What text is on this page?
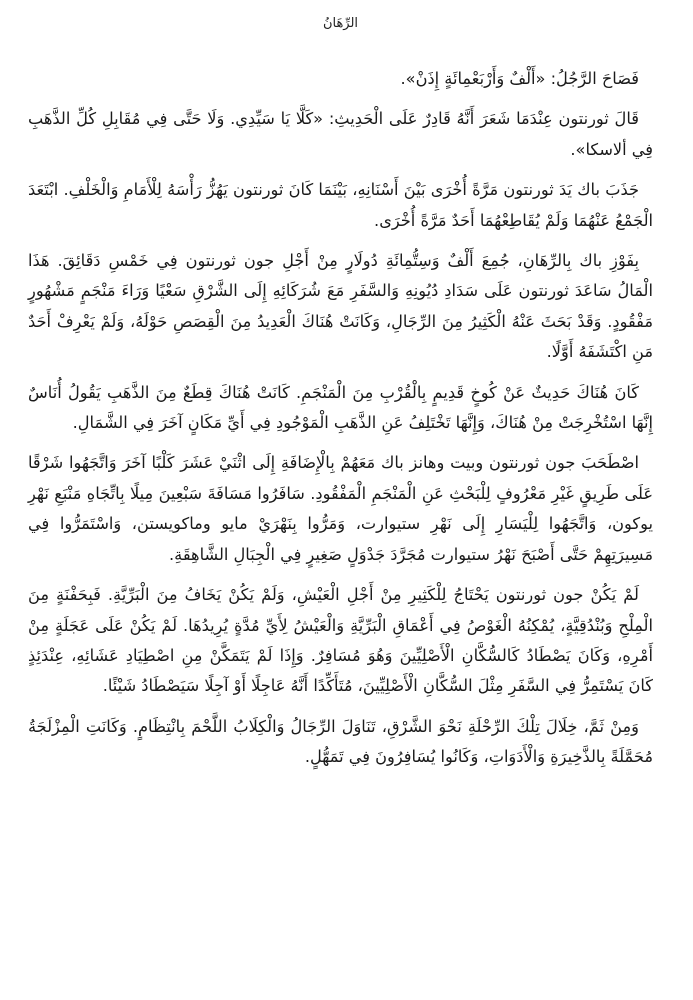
الرِّهَانُ

فَصَاحَ الرَّجُلُ: «أَلْفٌ وَأَرْبَعْمِائَةٍ إِذَنْ».

قَالَ ثورنتون عِنْدَمَا شَعَرَ أَنَّهُ قَادِرٌ عَلَى الْحَدِيثِ: «كَلَّا يَا سَيِّدِي. وَلَا حَتَّى فِي مُقَابِلِ كُلِّ الذَّهَبِ فِي ألاسكا».

جَذَبَ باك يَدَ ثورنتون مَرَّةً أُخْرَى بَيْنَ أَسْنَانِهِ، بَيْنَمَا كَانَ ثورنتون يَهُزُّ رَأْسَهُ لِلْأَمَامِ وَالْخَلْفِ. ابْتَعَدَ الْجَمْعُ عَنْهُمَا وَلَمْ يُقَاطِعْهُمَا أَحَدٌ مَرَّةً أُخْرَى.

بِفَوْزِ باك بِالرِّهَانِ، جُمِعَ أَلْفٌ وَسِتُّمِائَةِ دُولَارٍ مِنْ أَجْلِ جون ثورنتون فِي خَمْسِ دَقَائِقَ. هَذَا الْمَالُ سَاعَدَ ثورنتون عَلَى سَدَادِ دُيُونِهِ وَالسَّفَرِ مَعَ شُرَكَائِهِ إِلَى الشَّرْقِ سَعْيًا وَرَاءَ مَنْجَمٍ مَشْهُورٍ مَفْقُودٍ. وَقَدْ بَحَثَ عَنْهُ الْكَثِيرُ مِنَ الرِّجَالِ، وَكَانَتْ هُنَاكَ الْعَدِيدُ مِنَ الْقِصَصِ حَوْلَهُ، وَلَمْ يَعْرِفْ أَحَدٌ مَنِ اكْتَشَفَهُ أَوَّلًا.

كَانَ هُنَاكَ حَدِيثٌ عَنْ كُوخٍ قَدِيمٍ بِالْقُرْبِ مِنَ الْمَنْجَمِ. كَانَتْ هُنَاكَ قِطَعٌ مِنَ الذَّهَبِ يَقُولُ أُنَاسٌ إِنَّهَا اسْتُخْرِجَتْ مِنْ هُنَاكَ، وَإِنَّهَا تَخْتَلِفُ عَنِ الذَّهَبِ الْمَوْجُودِ فِي أَيِّ مَكَانٍ آخَرَ فِي الشَّمَالِ.

اصْطَحَبَ جون ثورنتون وبيت وهانز باك مَعَهُمْ بِالْإِضَافَةِ إِلَى اثْنَيْ عَشَرَ كَلْبًا آخَرَ وَاتَّجَهُوا شَرْقًا عَلَى طَرِيقٍ غَيْرِ مَعْرُوفٍ لِلْبَحْثِ عَنِ الْمَنْجَمِ الْمَفْقُودِ. سَافَرُوا مَسَافَةَ سَبْعِينَ مِيلًا بِاتِّجَاهِ مَنْبَعِ نَهْرِ يوكون، وَاتَّجَهُوا لِلْيَسَارِ إِلَى نَهْرِ ستيوارت، وَمَرُّوا بِنَهْرَيْ مايو وماكويستن، وَاسْتَمَرُّوا فِي مَسِيرَتِهِمْ حَتَّى أَصْبَحَ نَهْرُ ستيوارت مُجَرَّدَ جَدْوَلٍ صَغِيرٍ فِي الْجِبَالِ الشَّاهِقَةِ.

لَمْ يَكُنْ جون ثورنتون يَحْتَاجُ لِلْكَثِيرِ مِنْ أَجْلِ الْعَيْشِ، وَلَمْ يَكُنْ يَخَافُ مِنَ الْبَرِّيَّةِ. فَبِحَفْنَةٍ مِنَ الْمِلْحِ وَبُنْدُقِيَّةٍ، يُمْكِنُهُ الْغَوْصُ فِي أَعْمَاقِ الْبَرِّيَّةِ وَالْعَيْشُ لِأَيِّ مُدَّةٍ يُرِيدُهَا. لَمْ يَكُنْ عَلَى عَجَلَةٍ مِنْ أَمْرِهِ، وَكَانَ يَصْطَادُ كَالسُّكَّانِ الْأَصْلِيِّينَ وَهُوَ مُسَافِرٌ. وَإِذَا لَمْ يَتَمَكَّنْ مِنِ اصْطِيَادِ عَشَائِهِ، عِنْدَئِذٍ كَانَ يَسْتَمِرُّ فِي السَّفَرِ مِثْلَ السُّكَّانِ الْأَصْلِيِّينَ، مُتَأَكِّدًا أَنَّهُ عَاجِلًا أَوْ آجِلًا سَيَصْطَادُ شَيْئًا.

وَمِنْ ثَمَّ، خِلَالَ تِلْكَ الرِّحْلَةِ نَحْوَ الشَّرْقِ، تَنَاوَلَ الرِّجَالُ وَالْكِلَابُ اللَّحْمَ بِانْتِظَامٍ. وَكَانَتِ الْمِزْلَجَةُ مُحَمَّلَةً بِالذَّخِيرَةِ وَالْأَدَوَاتِ، وَكَانُوا يُسَافِرُونَ فِي تَمَهُّلٍ.
